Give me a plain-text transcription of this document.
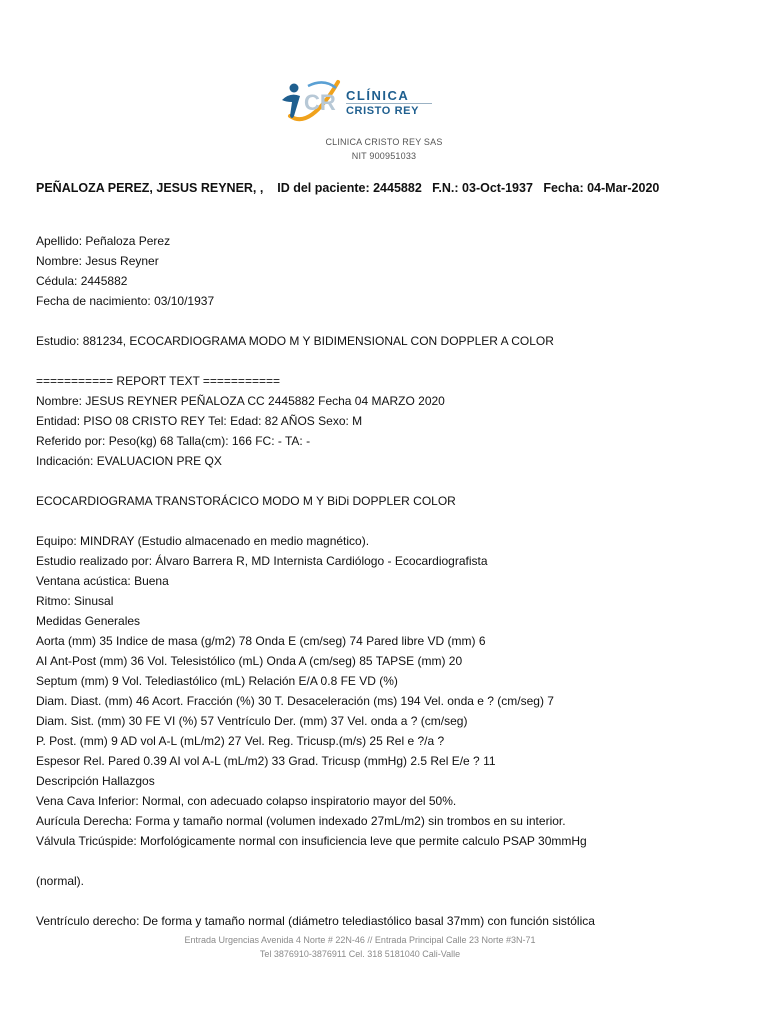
CR CLÍNICA
CRISTO REY
CLINICA CRISTO REY SAS
NIT 900951033
PEÑALOZA PEREZ, JESUS REYNER, ,    ID del paciente: 2445882   F.N.: 03-Oct-1937   Fecha: 04-Mar-2020
Apellido: Peñaloza Perez
Nombre: Jesus Reyner
Cédula: 2445882
Fecha de nacimiento: 03/10/1937
Estudio: 881234, ECOCARDIOGRAMA MODO M Y BIDIMENSIONAL CON DOPPLER A COLOR
=========== REPORT TEXT ===========
Nombre: JESUS REYNER PEÑALOZA CC 2445882 Fecha 04 MARZO 2020
Entidad: PISO 08 CRISTO REY Tel: Edad: 82 AÑOS Sexo: M
Referido por: Peso(kg) 68 Talla(cm): 166 FC: - TA: -
Indicación: EVALUACION PRE QX
ECOCARDIOGRAMA TRANSTORÁCICO MODO M Y BiDi DOPPLER COLOR
Equipo: MINDRAY (Estudio almacenado en medio magnético).
Estudio realizado por: Álvaro Barrera R, MD Internista Cardiólogo - Ecocardiografista
Ventana acústica: Buena
Ritmo: Sinusal
Medidas Generales
Aorta (mm) 35 Indice de masa (g/m2) 78 Onda E (cm/seg) 74 Pared libre VD (mm) 6
AI Ant-Post (mm) 36 Vol. Telesistólico (mL) Onda A (cm/seg) 85 TAPSE (mm) 20
Septum (mm) 9 Vol. Telediastólico (mL) Relación E/A 0.8 FE VD (%)
Diam. Diast. (mm) 46 Acort. Fracción (%) 30 T. Desaceleración (ms) 194 Vel. onda e ? (cm/seg) 7
Diam. Sist. (mm) 30 FE VI (%) 57 Ventrículo Der. (mm) 37 Vel. onda a ? (cm/seg)
P. Post. (mm) 9 AD vol A-L (mL/m2) 27 Vel. Reg. Tricusp.(m/s) 25 Rel e ?/a ?
Espesor Rel. Pared 0.39 AI vol A-L (mL/m2) 33 Grad. Tricusp (mmHg) 2.5 Rel E/e ? 11
Descripción Hallazgos
Vena Cava Inferior: Normal, con adecuado colapso inspiratorio mayor del 50%.
Aurícula Derecha: Forma y tamaño normal (volumen indexado 27mL/m2) sin trombos en su interior.
Válvula Tricúspide: Morfológicamente normal con insuficiencia leve que permite calculo PSAP 30mmHg
(normal).
Ventrículo derecho: De forma y tamaño normal (diámetro telediastólico basal 37mm) con función sistólica
Entrada Urgencias Avenida 4 Norte # 22N-46 // Entrada Principal Calle 23 Norte #3N-71
Tel 3876910-3876911 Cel. 318 5181040 Cali-Valle
